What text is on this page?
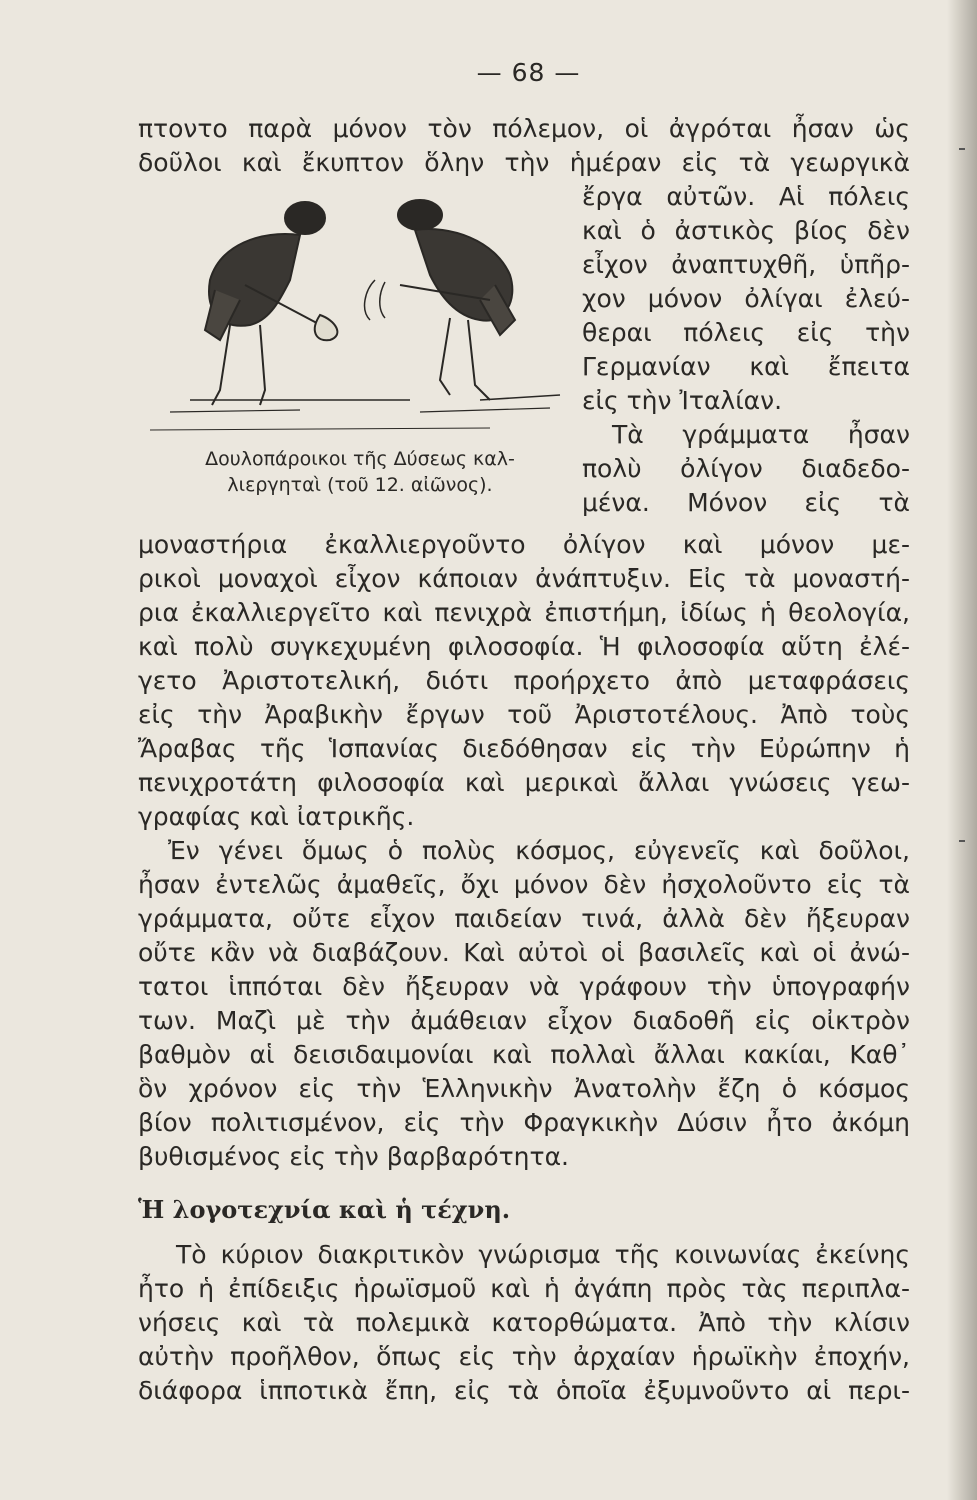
— 68 —
πτοντο παρὰ μόνον τὸν πόλεμον, οἱ ἀγρόται ἦσαν ὡς
δοῦλοι καὶ ἔκυπτον ὅλην τὴν ἡμέραν εἰς τὰ γεωργικὰ
ἔργα αὐτῶν. Αἱ πόλεις
καὶ ὁ ἀστικὸς βίος δὲν
εἶχον ἀναπτυχθῆ, ὑπῆρ-
χον μόνον ὀλίγαι ἐλεύ-
θεραι πόλεις εἰς τὴν
Γερμανίαν καὶ ἔπειτα
εἰς τὴν Ἰταλίαν.
Τὰ γράμματα ἦσαν
πολὺ ὀλίγον διαδεδο-
μένα. Μόνον εἰς τὰ
Δουλοπάροικοι τῆς Δύσεως καλ-
λιεργηταὶ (τοῦ 12. αἰῶνος).
μοναστήρια ἐκαλλιεργοῦντο ὀλίγον καὶ μόνον με-
ρικοὶ μοναχοὶ εἶχον κάποιαν ἀνάπτυξιν. Εἰς τὰ μοναστή-
ρια ἐκαλλιεργεῖτο καὶ πενιχρὰ ἐπιστήμη, ἰδίως ἡ θεολογία,
καὶ πολὺ συγκεχυμένη φιλοσοφία. Ἡ φιλοσοφία αὕτη ἐλέ-
γετο Ἀριστοτελική, διότι προήρχετο ἀπὸ μεταφράσεις
εἰς τὴν Ἀραβικὴν ἔργων τοῦ Ἀριστοτέλους. Ἀπὸ τοὺς
Ἄραβας τῆς Ἱσπανίας διεδόθησαν εἰς τὴν Εὐρώπην ἡ
πενιχροτάτη φιλοσοφία καὶ μερικαὶ ἄλλαι γνώσεις γεω-
γραφίας καὶ ἰατρικῆς.
Ἐν γένει ὅμως ὁ πολὺς κόσμος, εὐγενεῖς καὶ δοῦλοι,
ἦσαν ἐντελῶς ἀμαθεῖς, ὄχι μόνον δὲν ἠσχολοῦντο εἰς τὰ
γράμματα, οὔτε εἶχον παιδείαν τινά, ἀλλὰ δὲν ἤξευραν
οὔτε κἂν νὰ διαβάζουν. Καὶ αὐτοὶ οἱ βασιλεῖς καὶ οἱ ἀνώ-
τατοι ἱππόται δὲν ἤξευραν νὰ γράφουν τὴν ὑπογραφήν
των. Μαζὶ μὲ τὴν ἀμάθειαν εἶχον διαδοθῆ εἰς οἰκτρὸν
βαθμὸν αἱ δεισιδαιμονίαι καὶ πολλαὶ ἄλλαι κακίαι, Καθ᾽
ὃν χρόνον εἰς τὴν Ἑλληνικὴν Ἀνατολὴν ἔζη ὁ κόσμος
βίον πολιτισμένον, εἰς τὴν Φραγκικὴν Δύσιν ἦτο ἀκόμη
βυθισμένος εἰς τὴν βαρβαρότητα.
Ἡ λογοτεχνία καὶ ἡ τέχνη.
Τὸ κύριον διακριτικὸν γνώρισμα τῆς κοινωνίας ἐκείνης
ἦτο ἡ ἐπίδειξις ἡρωϊσμοῦ καὶ ἡ ἀγάπη πρὸς τὰς περιπλα-
νήσεις καὶ τὰ πολεμικὰ κατορθώματα. Ἀπὸ τὴν κλίσιν
αὐτὴν προῆλθον, ὅπως εἰς τὴν ἀρχαίαν ἡρωϊκὴν ἐποχήν,
διάφορα ἱπποτικὰ ἔπη, εἰς τὰ ὁποῖα ἐξυμνοῦντο αἱ περι-
